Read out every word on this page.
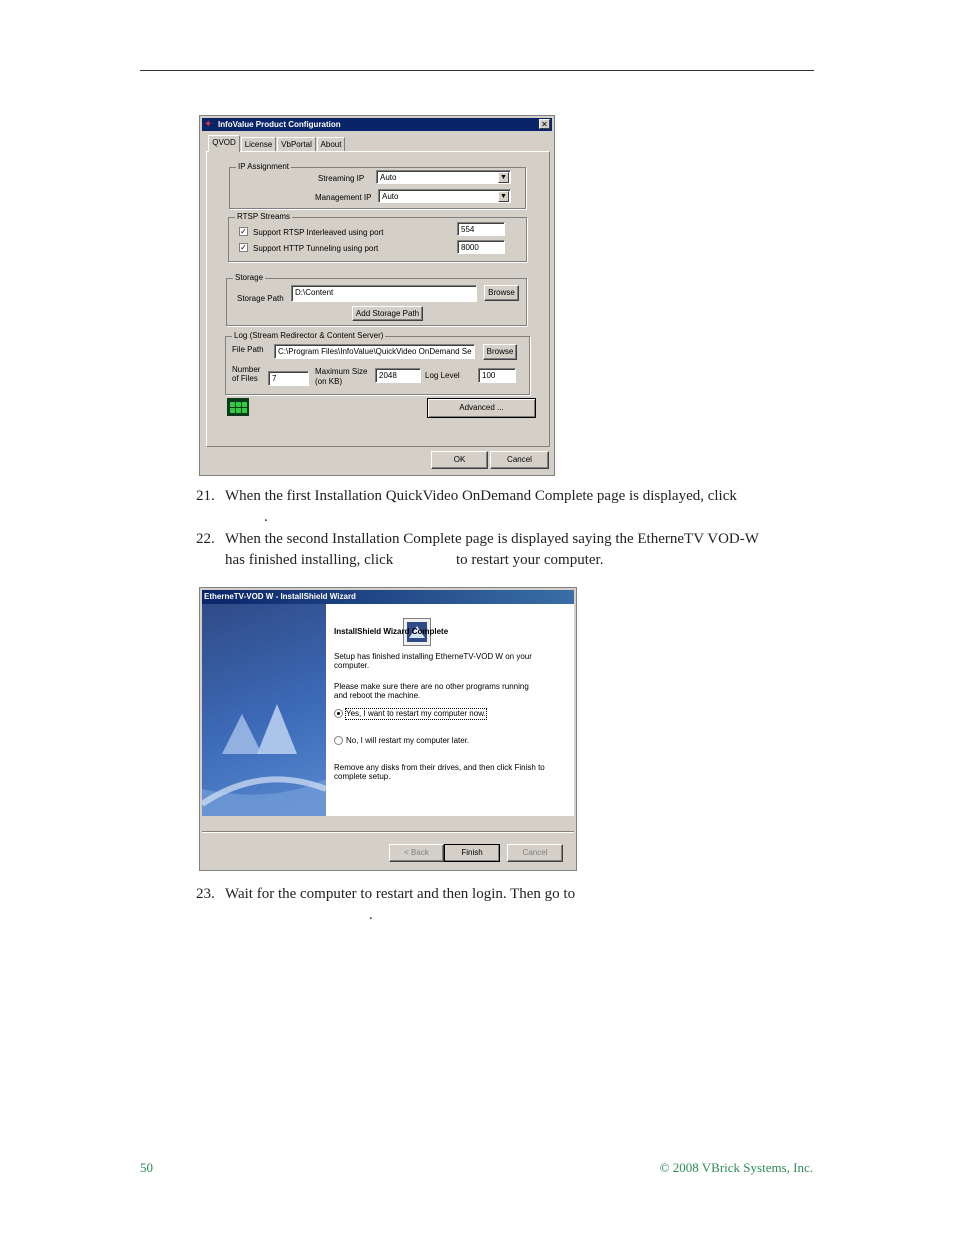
✦ InfoValue Product Configuration	✕
QVOD	License	VbPortal	About
IP Assignment
Streaming IP	Auto	▼
Management IP	Auto	▼
RTSP Streams
✓ Support RTSP Interleaved using port	554
✓ Support HTTP Tunneling using port	8000
Storage
Storage Path
D:\Content	Browse
Add Storage Path
Log (Stream Redirector & Content Server)
File Path	C:\Program Files\InfoValue\QuickVideo OnDemand Se	Browse
Number
of Files	7
Maximum Size
(on KB)
2048	Log Level	100
Advanced ...
OK	Cancel
21. When the first Installation QuickVideo OnDemand Complete page is displayed, click
.
22. When the second Installation Complete page is displayed saying the EtherneTV VOD-W
has finished installing, click	to restart your computer.
EtherneTV-VOD W - InstallShield Wizard
InstallShield Wizard Complete
Setup has finished installing EtherneTV-VOD W on your
computer.
Please make sure there are no other programs running
and reboot the machine.
Yes, I want to restart my computer now.
No, I will restart my computer later.
Remove any disks from their drives, and then click Finish to
complete setup.
< Back	Finish	Cancel
23. Wait for the computer to restart and then login. Then go to
.
50	© 2008 VBrick Systems, Inc.
